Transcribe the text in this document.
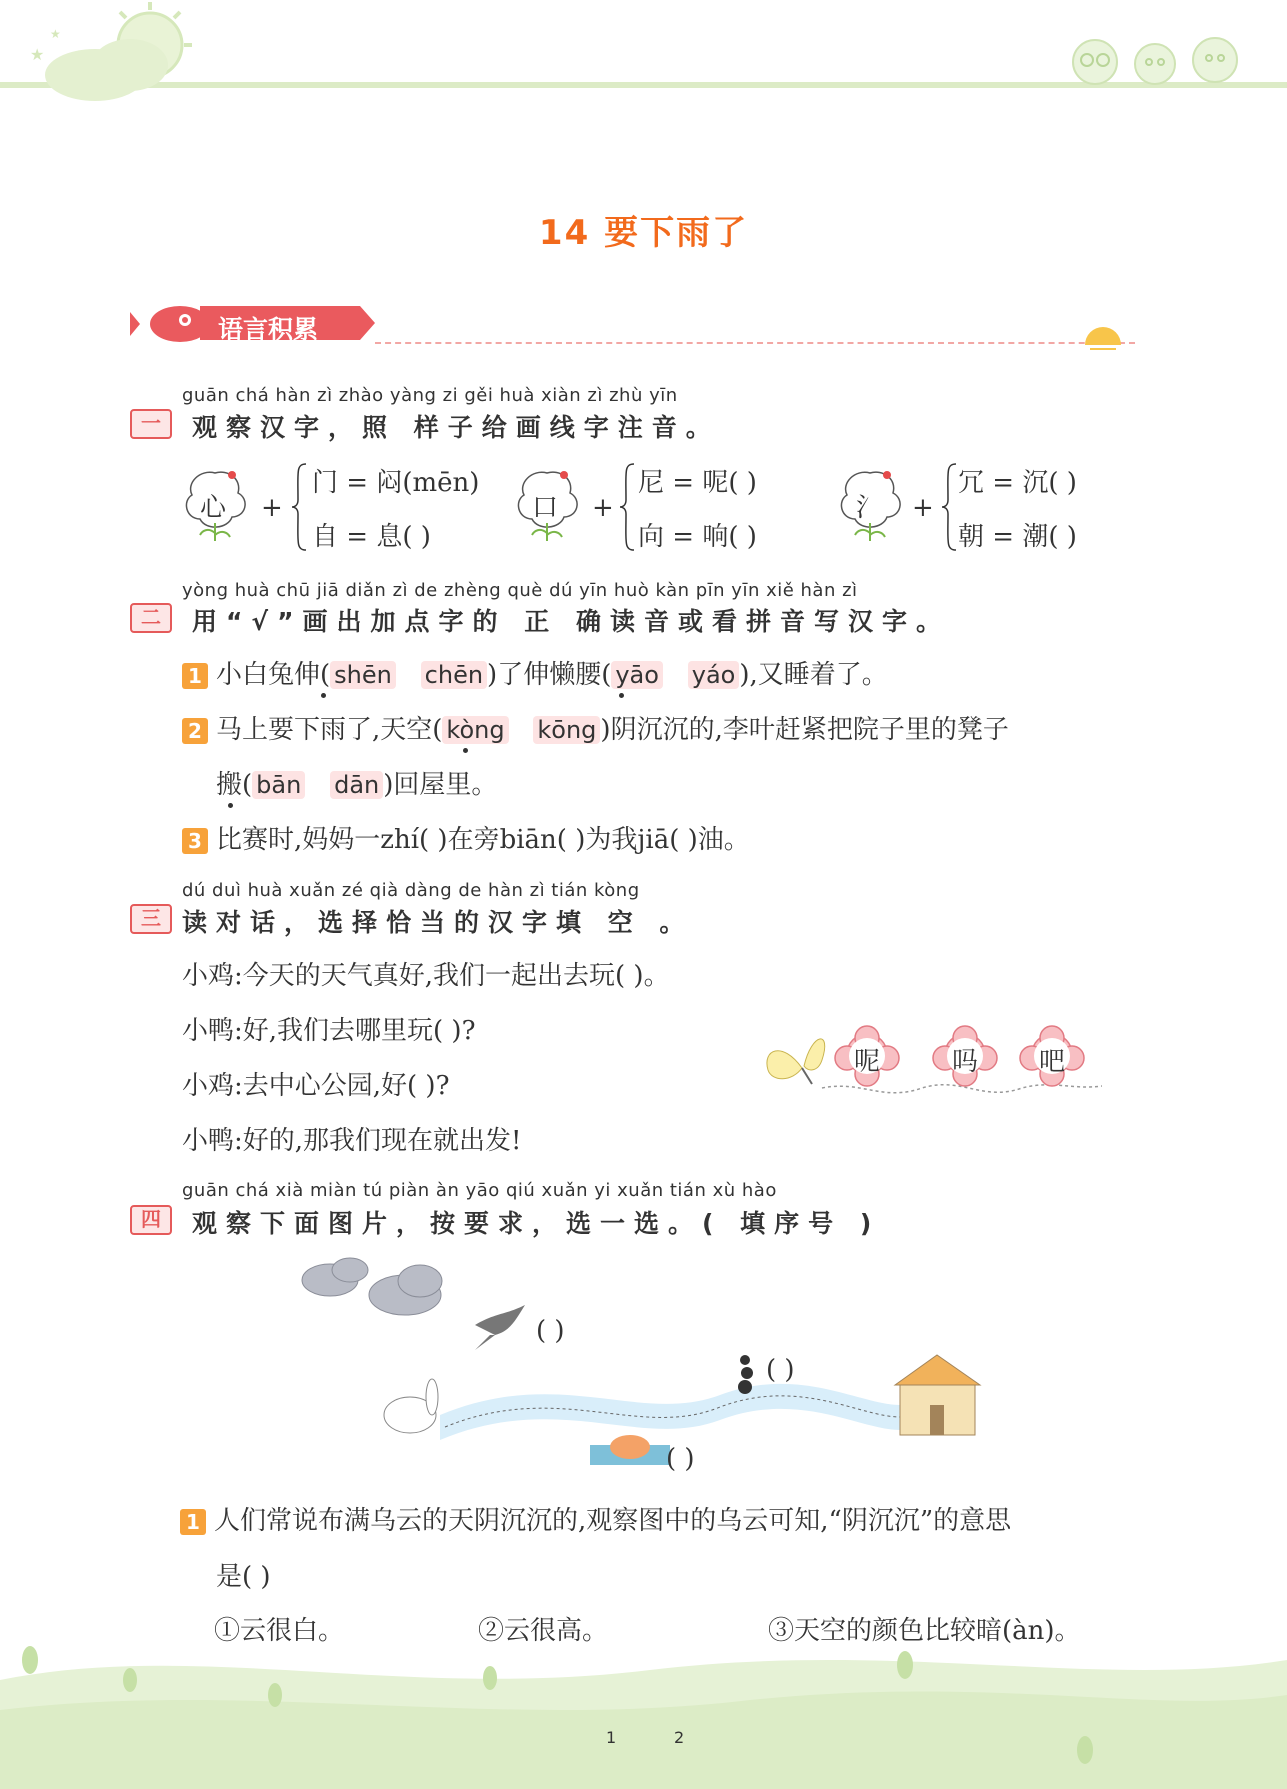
★
★
14 要下雨了
语言积累
guān chá hàn zì zhào yàng zi gěi huà xiàn zì zhù yīn
一	观察汉字，照 样子给画线字注音。
心 +
门 = 闷(mēn)
自 = 息( )
口 +
尼 = 呢( )
向 = 响( )
氵 +
冗 = 沉( )
朝 = 潮( )
yòng huà chū jiā diǎn zì de zhèng què dú yīn huò kàn pīn yīn xiě hàn zì
二	用“√”画出加点字的 正 确读音或看拼音写汉字。
1 小白兔伸( shēn chēn )了伸懒腰( yāo yáo ),又睡着了。
2 马上要下雨了,天空( kòng kōng )阴沉沉的,李叶赶紧把院子里的凳子
搬( bān dān )回屋里。
3 比赛时,妈妈一zhí( )在旁biān( )为我jiā( )油。
dú duì huà xuǎn zé qià dàng de hàn zì tián kòng
三 读对话，选择恰当的汉字填 空 。
小鸡:今天的天气真好,我们一起出去玩( )。
小鸭:好,我们去哪里玩( )?
小鸡:去中心公园,好( )?
小鸭:好的,那我们现在就出发!
呢	吗 吧
guān chá xià miàn tú piàn àn yāo qiú xuǎn yi xuǎn tián xù hào
四	观察下面图片，按要求，选一选。( 填序号 )
( )
( )
( )
1 人们常说布满乌云的天阴沉沉的,观察图中的乌云可知,“阴沉沉”的意思
是( )
①云很白。	②云很高。	③天空的颜色比较暗(àn)。
1	2
